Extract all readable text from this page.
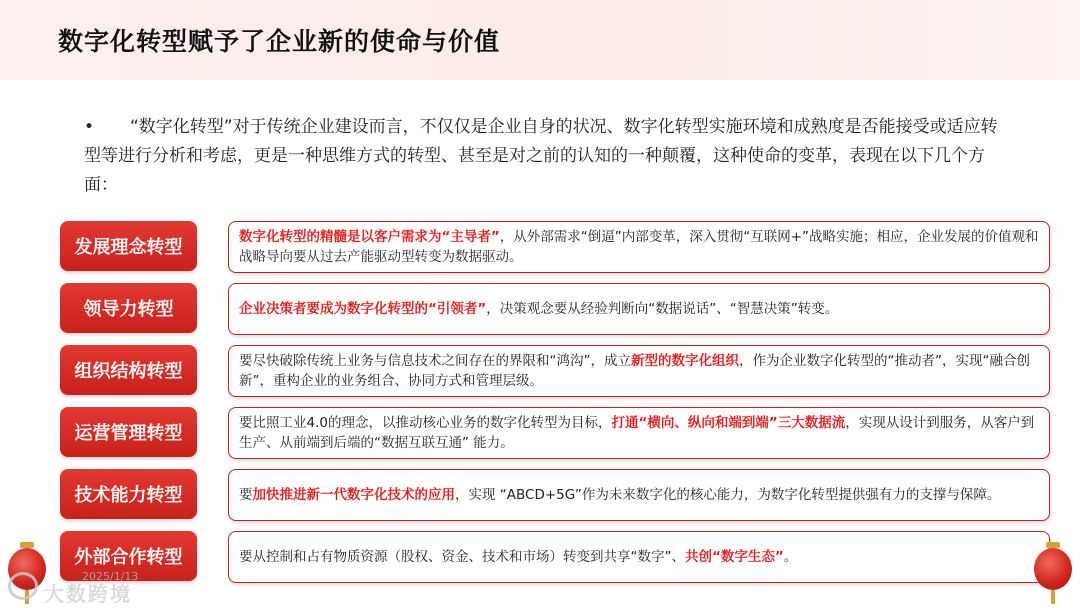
数字化转型赋予了企业新的使命与价值
• “数字化转型”对于传统企业建设而言，不仅仅是企业自身的状况、数字化转型实施环境和成熟度是否能接受或适应转型等进行分析和考虑，更是一种思维方式的转型、甚至是对之前的认知的一种颠覆，这种使命的变革，表现在以下几个方面：
发展理念转型	数字化转型的精髓是以客户需求为“主导者”，从外部需求“倒逼”内部变革，深入贯彻“互联网+”战略实施；相应，企业发展的价值观和战略导向要从过去产能驱动型转变为数据驱动。
领导力转型	企业决策者要成为数字化转型的“引领者”，决策观念要从经验判断向“数据说话”、“智慧决策”转变。
组织结构转型	要尽快破除传统上业务与信息技术之间存在的界限和“鸿沟”，成立新型的数字化组织，作为企业数字化转型的“推动者”，实现“融合创新”，重构企业的业务组合、协同方式和管理层级。
运营管理转型	要比照工业4.0的理念，以推动核心业务的数字化转型为目标，打通“横向、纵向和端到端”三大数据流，实现从设计到服务，从客户到生产、从前端到后端的“数据互联互通” 能力。
技术能力转型	要加快推进新一代数字化技术的应用，实现 “ABCD+5G”作为未来数字化的核心能力，为数字化转型提供强有力的支撑与保障。
外部合作转型	要从控制和占有物质资源（股权、资金、技术和市场）转变到共享“数字”、共创“数字生态”。
大数跨境
2025/1/13
